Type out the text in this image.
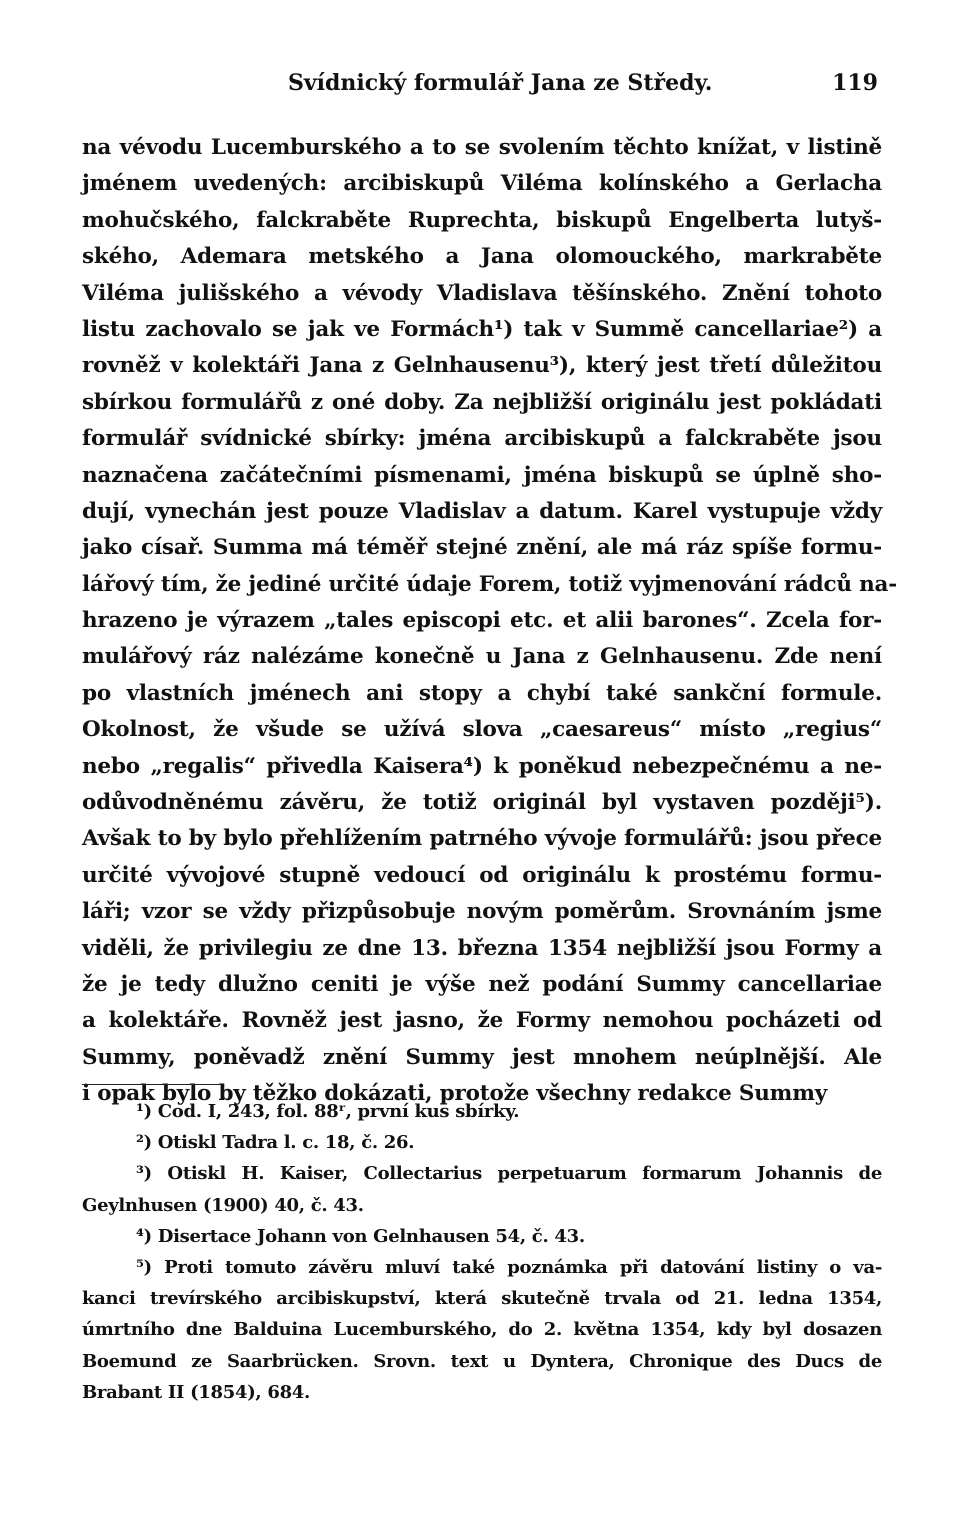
Svídnický formulář Jana ze Středy.	119
na vévodu Lucemburského a to se svolením těchto knížat, v listině
jménem uvedených: arcibiskupů Viléma kolínského a Gerlacha
mohučského, falckraběte Ruprechta, biskupů Engelberta lutyš-
ského, Ademara metského a Jana olomouckého, markraběte
Viléma julišského a vévody Vladislava těšínského. Znění tohoto
listu zachovalo se jak ve Formách¹) tak v Summě cancellariae²) a
rovněž v kolektáři Jana z Gelnhausenu³), který jest třetí důležitou
sbírkou formulářů z oné doby. Za nejbližší originálu jest pokládati
formulář svídnické sbírky: jména arcibiskupů a falckraběte jsou
naznačena začátečními písmenami, jména biskupů se úplně sho-
dují, vynechán jest pouze Vladislav a datum. Karel vystupuje vždy
jako císař. Summa má téměř stejné znění, ale má ráz spíše formu-
lářový tím, že jediné určité údaje Forem, totiž vyjmenování rádců na-
hrazeno je výrazem „tales episcopi etc. et alii barones“. Zcela for-
mulářový ráz nalézáme konečně u Jana z Gelnhausenu. Zde není
po vlastních jménech ani stopy a chybí také sankční formule.
Okolnost, že všude se užívá slova „caesareus“ místo „regius“
nebo „regalis“ přivedla Kaisera⁴) k poněkud nebezpečnému a ne-
odůvodněnému závěru, že totiž originál byl vystaven později⁵).
Avšak to by bylo přehlížením patrného vývoje formulářů: jsou přece
určité vývojové stupně vedoucí od originálu k prostému formu-
láři; vzor se vždy přizpůsobuje novým poměrům. Srovnáním jsme
viděli, že privilegiu ze dne 13. března 1354 nejbližší jsou Formy a
že je tedy dlužno ceniti je výše než podání Summy cancellariae
a kolektáře. Rovněž jest jasno, že Formy nemohou pocházeti od
Summy, poněvadž znění Summy jest mnohem neúplnější. Ale
i opak bylo by těžko dokázati, protože všechny redakce Summy
¹) Cod. I, 243, fol. 88ʳ, první kus sbírky.
²) Otiskl Tadra l. c. 18, č. 26.
³) Otiskl H. Kaiser, Collectarius perpetuarum formarum Johannis de
Geylnhusen (1900) 40, č. 43.
⁴) Disertace Johann von Gelnhausen 54, č. 43.
⁵) Proti tomuto závěru mluví také poznámka při datování listiny o va-
kanci trevírského arcibiskupství, která skutečně trvala od 21. ledna 1354,
úmrtního dne Balduina Lucemburského, do 2. května 1354, kdy byl dosazen
Boemund ze Saarbrücken. Srovn. text u Dyntera, Chronique des Ducs de
Brabant II (1854), 684.
